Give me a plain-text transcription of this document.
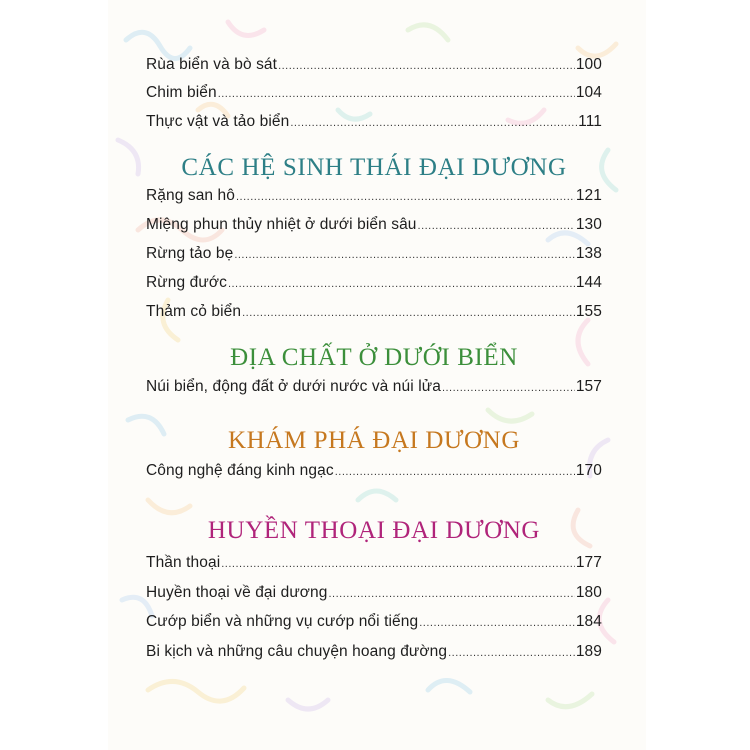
Rùa biển và bò sát .....	100
Chim biển .....	104
Thực vật và tảo biển .....	111
CÁC HỆ SINH THÁI ĐẠI DƯƠNG
Rặng san hô .....	121
Miệng phun thủy nhiệt ở dưới biển sâu .....	130
Rừng tảo bẹ .....	138
Rừng đước .....	144
Thảm cỏ biển .....	155
ĐỊA CHẤT Ở DƯỚI BIỂN
Núi biển, động đất ở dưới nước và núi lửa .....	157
KHÁM PHÁ ĐẠI DƯƠNG
Công nghệ đáng kinh ngạc .....	170
HUYỀN THOẠI ĐẠI DƯƠNG
Thần thoại .....	177
Huyền thoại về đại dương .....	180
Cướp biển và những vụ cướp nổi tiếng .....	184
Bi kịch và những câu chuyện hoang đường .....	189
